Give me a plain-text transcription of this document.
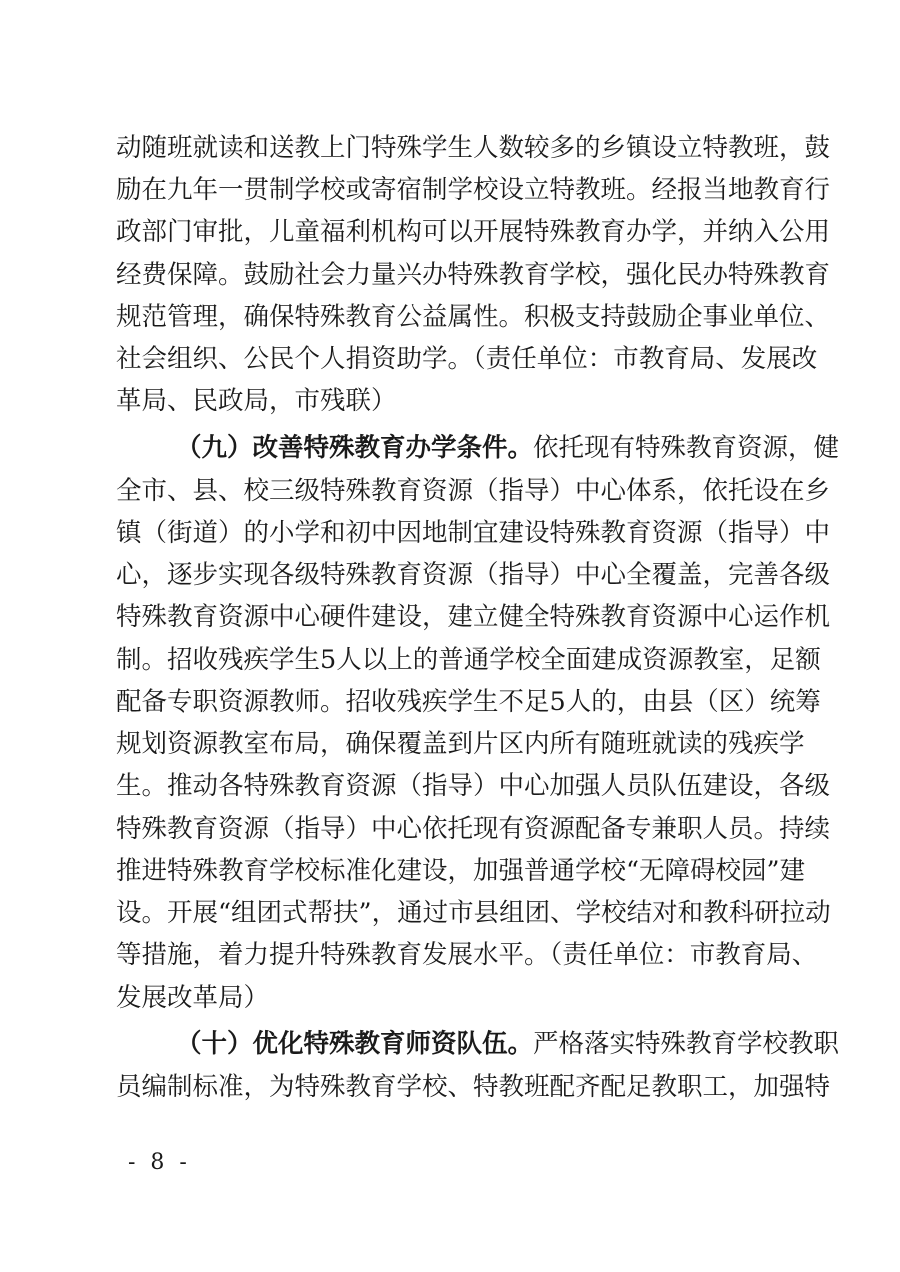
动随班就读和送教上门特殊学生人数较多的乡镇设立特教班，鼓
励在九年一贯制学校或寄宿制学校设立特教班。经报当地教育行
政部门审批，儿童福利机构可以开展特殊教育办学，并纳入公用
经费保障。鼓励社会力量兴办特殊教育学校，强化民办特殊教育
规范管理，确保特殊教育公益属性。积极支持鼓励企事业单位、
社会组织、公民个人捐资助学。（责任单位：市教育局、发展改
革局、民政局，市残联）
（九）改善特殊教育办学条件。依托现有特殊教育资源，健
全市、县、校三级特殊教育资源（指导）中心体系，依托设在乡
镇（街道）的小学和初中因地制宜建设特殊教育资源（指导）中
心，逐步实现各级特殊教育资源（指导）中心全覆盖，完善各级
特殊教育资源中心硬件建设，建立健全特殊教育资源中心运作机
制。招收残疾学生5人以上的普通学校全面建成资源教室，足额
配备专职资源教师。招收残疾学生不足5人的，由县（区）统筹
规划资源教室布局，确保覆盖到片区内所有随班就读的残疾学
生。推动各特殊教育资源（指导）中心加强人员队伍建设，各级
特殊教育资源（指导）中心依托现有资源配备专兼职人员。持续
推进特殊教育学校标准化建设，加强普通学校“无障碍校园”建
设。开展“组团式帮扶”，通过市县组团、学校结对和教科研拉动
等措施，着力提升特殊教育发展水平。（责任单位：市教育局、
发展改革局）
（十）优化特殊教育师资队伍。严格落实特殊教育学校教职
员编制标准，为特殊教育学校、特教班配齐配足教职工，加强特
- 8 -
